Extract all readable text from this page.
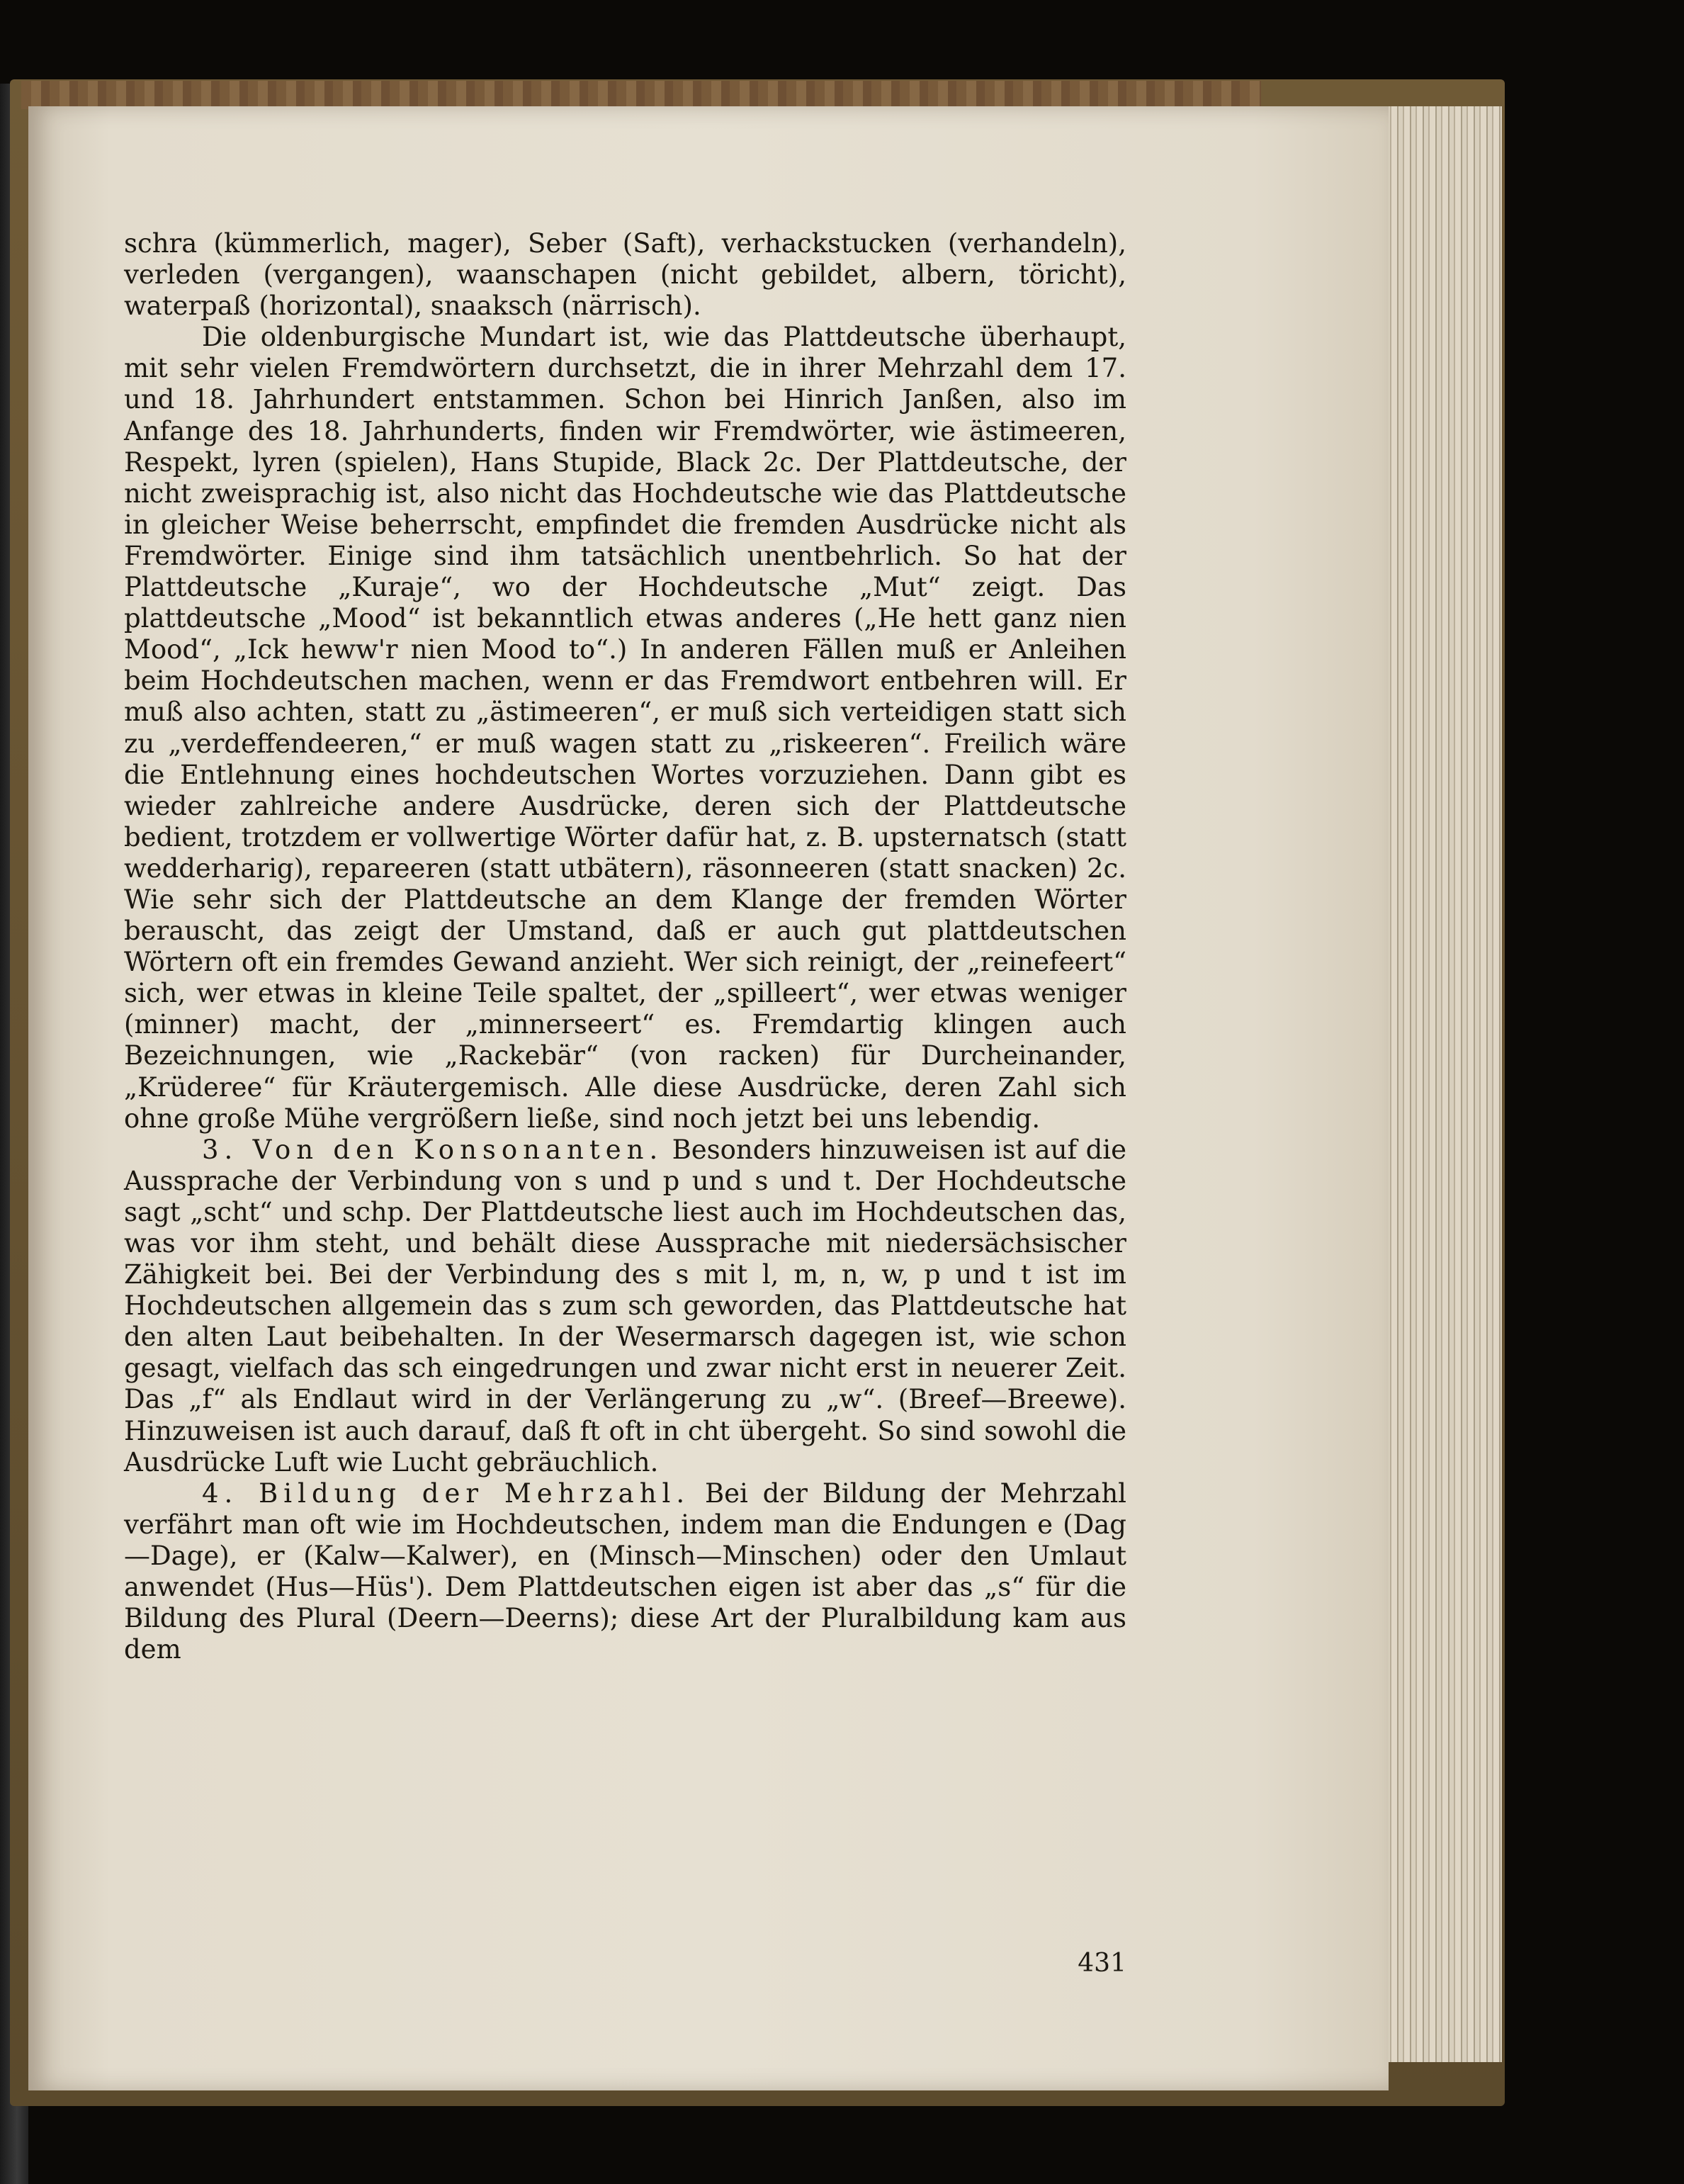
schra (kümmerlich, mager), Seber (Saft), verhackstucken (verhandeln), verleden (vergangen), waanschapen (nicht gebildet, albern, töricht), waterpaß (horizontal), snaaksch (närrisch).

Die oldenburgische Mundart ist, wie das Plattdeutsche überhaupt, mit sehr vielen Fremdwörtern durchsetzt, die in ihrer Mehrzahl dem 17. und 18. Jahrhundert entstammen. Schon bei Hinrich Janßen, also im Anfange des 18. Jahrhunderts, finden wir Fremdwörter, wie ästimeeren, Respekt, lyren (spielen), Hans Stupide, Black 2c. Der Plattdeutsche, der nicht zweisprachig ist, also nicht das Hochdeutsche wie das Plattdeutsche in gleicher Weise beherrscht, empfindet die fremden Ausdrücke nicht als Fremdwörter. Einige sind ihm tatsächlich unentbehrlich. So hat der Plattdeutsche „Kuraje“, wo der Hochdeutsche „Mut“ zeigt. Das plattdeutsche „Mood“ ist bekanntlich etwas anderes („He hett ganz nien Mood“, „Ick heww'r nien Mood to“.) In anderen Fällen muß er Anleihen beim Hochdeutschen machen, wenn er das Fremdwort entbehren will. Er muß also achten, statt zu „ästimeeren“, er muß sich verteidigen statt sich zu „verdeffendeeren,“ er muß wagen statt zu „riskeeren“. Freilich wäre die Entlehnung eines hochdeutschen Wortes vorzuziehen. Dann gibt es wieder zahlreiche andere Ausdrücke, deren sich der Plattdeutsche bedient, trotzdem er vollwertige Wörter dafür hat, z. B. upsternatsch (statt wedderharig), repareeren (statt utbätern), räsonneeren (statt snacken) 2c. Wie sehr sich der Plattdeutsche an dem Klange der fremden Wörter berauscht, das zeigt der Umstand, daß er auch gut plattdeutschen Wörtern oft ein fremdes Gewand anzieht. Wer sich reinigt, der „reinefeert“ sich, wer etwas in kleine Teile spaltet, der „spilleert“, wer etwas weniger (minner) macht, der „minnerseert“ es. Fremdartig klingen auch Bezeichnungen, wie „Rackebär“ (von racken) für Durcheinander, „Krüderee“ für Kräutergemisch. Alle diese Ausdrücke, deren Zahl sich ohne große Mühe vergrößern ließe, sind noch jetzt bei uns lebendig.

3. Von den Konsonanten. Besonders hinzuweisen ist auf die Aussprache der Verbindung von s und p und s und t. Der Hochdeutsche sagt „scht“ und schp. Der Plattdeutsche liest auch im Hochdeutschen das, was vor ihm steht, und behält diese Aussprache mit niedersächsischer Zähigkeit bei. Bei der Verbindung des s mit l, m, n, w, p und t ist im Hochdeutschen allgemein das s zum sch geworden, das Plattdeutsche hat den alten Laut beibehalten. In der Wesermarsch dagegen ist, wie schon gesagt, vielfach das sch eingedrungen und zwar nicht erst in neuerer Zeit. Das „f“ als Endlaut wird in der Verlängerung zu „w“. (Breef—Breewe). Hinzuweisen ist auch darauf, daß ft oft in cht übergeht. So sind sowohl die Ausdrücke Luft wie Lucht gebräuchlich.

4. Bildung der Mehrzahl. Bei der Bildung der Mehrzahl verfährt man oft wie im Hochdeutschen, indem man die Endungen e (Dag—Dage), er (Kalw—Kalwer), en (Minsch—Minschen) oder den Umlaut anwendet (Hus—Hüs'). Dem Plattdeutschen eigen ist aber das „s“ für die Bildung des Plural (Deern—Deerns); diese Art der Pluralbildung kam aus dem

431
